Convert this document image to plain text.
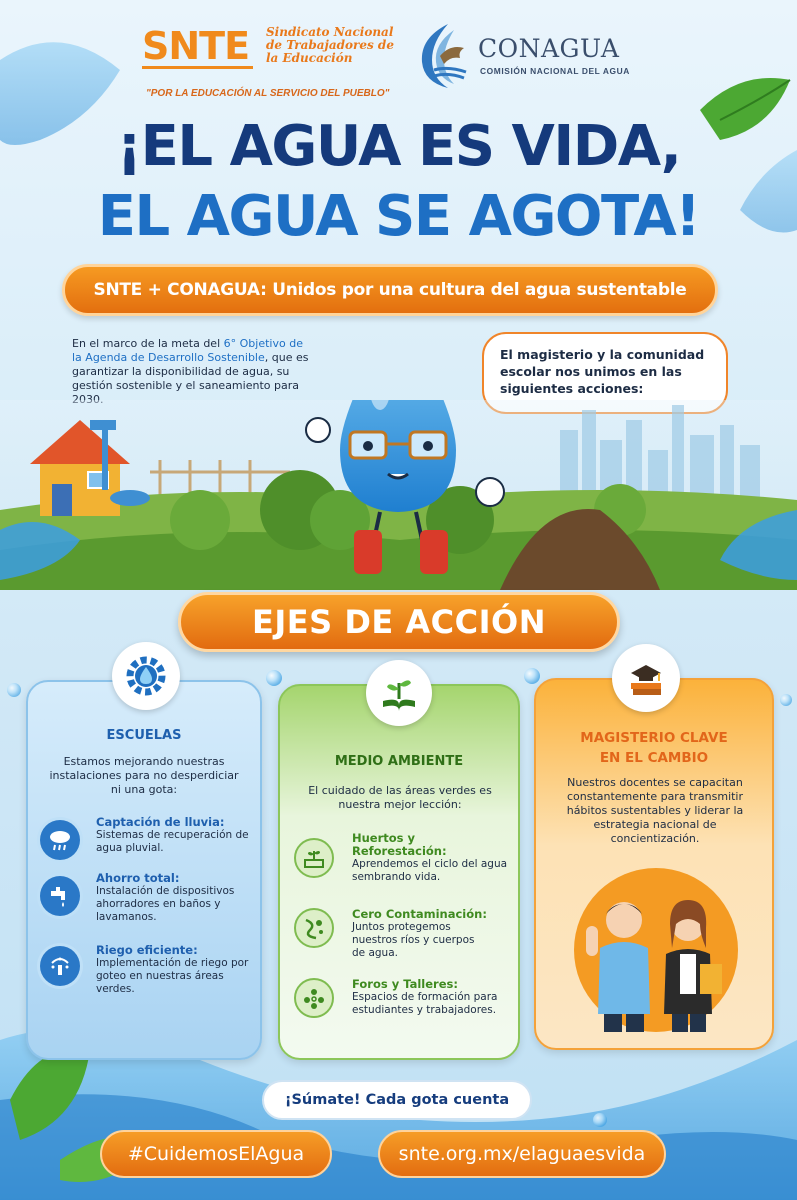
SNTE	Sindicato Nacional de Trabajadores de la Educación
"POR LA EDUCACIÓN AL SERVICIO DEL PUEBLO"
CONAGUA
COMISIÓN NACIONAL DEL AGUA
¡EL AGUA ES VIDA,
EL AGUA SE AGOTA!
SNTE + CONAGUA: Unidos por una cultura del agua sustentable
En el marco de la meta del 6° Objetivo de la Agenda de Desarrollo Sostenible, que es garantizar la disponibilidad de agua, su gestión sostenible y el saneamiento para 2030.
El magisterio y la comunidad escolar nos unimos en las siguientes acciones:
EJES DE ACCIÓN
ESCUELAS
Estamos mejorando nuestras instalaciones para no desperdiciar ni una gota:
Captación de lluvia:
Sistemas de recuperación de agua pluvial.
Ahorro total:
Instalación de dispositivos ahorradores en baños y lavamanos.
Riego eficiente:
Implementación de riego por goteo en nuestras áreas verdes.
MEDIO AMBIENTE
El cuidado de las áreas verdes es nuestra mejor lección:
Huertos y Reforestación:
Aprendemos el ciclo del agua sembrando vida.
Cero Contaminación:
Juntos protegemos nuestros ríos y cuerpos de agua.
Foros y Talleres:
Espacios de formación para estudiantes y trabajadores.
MAGISTERIO CLAVE EN EL CAMBIO
Nuestros docentes se capacitan constantemente para transmitir hábitos sustentables y liderar la estrategia nacional de concientización.
¡Súmate! Cada gota cuenta
#CuidemosElAgua	snte.org.mx/elaguaesvida
